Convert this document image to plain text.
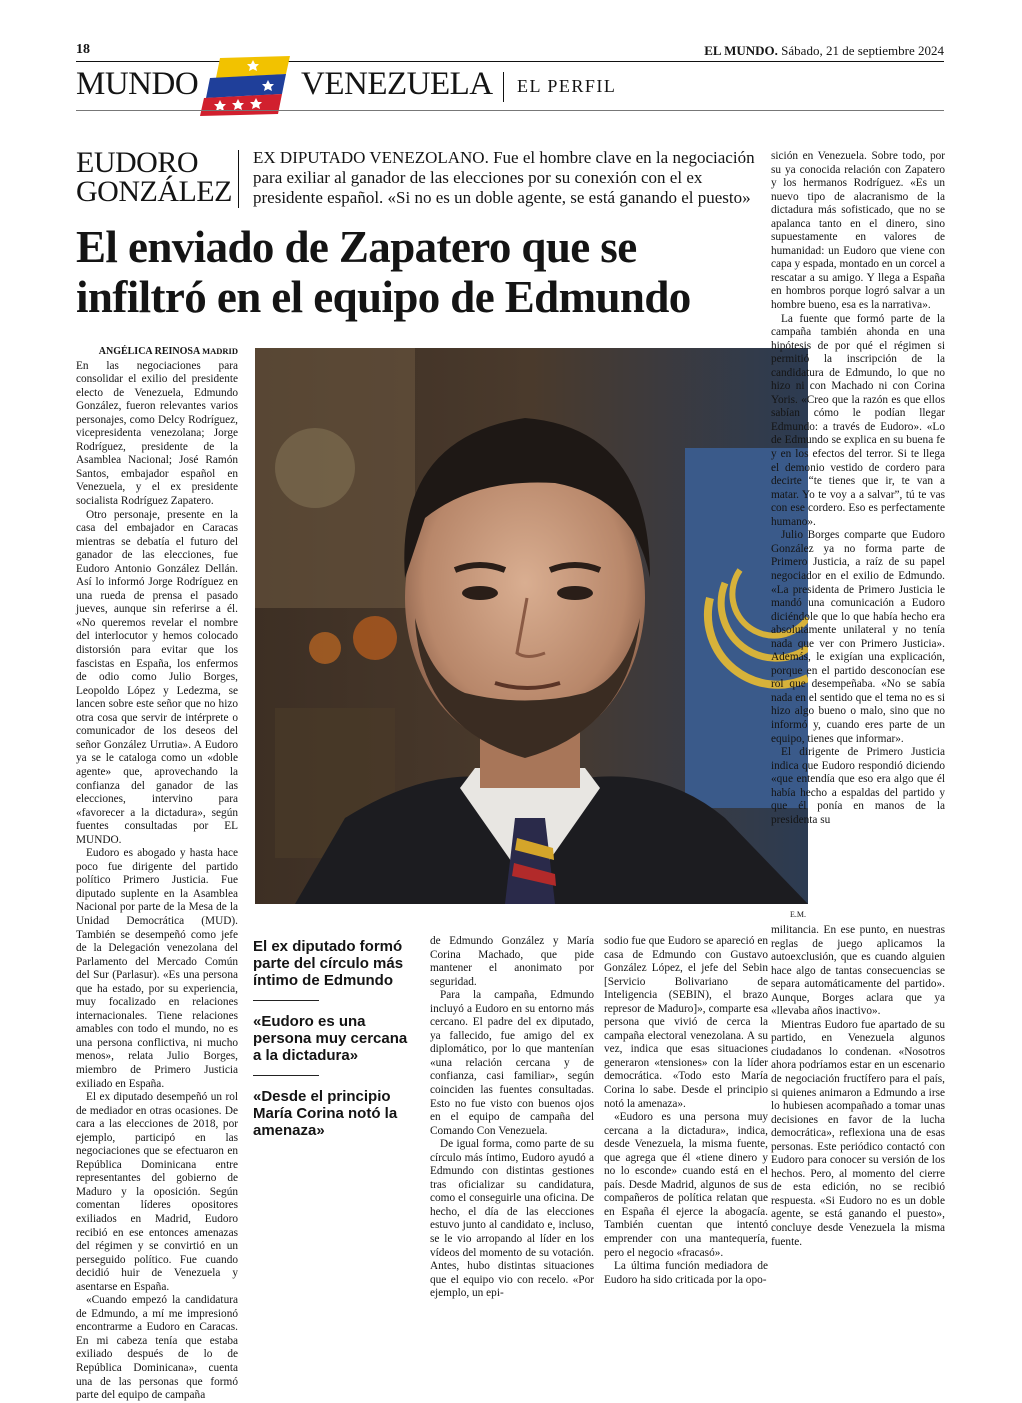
18	EL MUNDO. Sábado, 21 de septiembre 2024
MUNDO	VENEZUELA EL PERFIL
EUDORO GONZÁLEZ
EX DIPUTADO VENEZOLANO. Fue el hombre clave en la negociación para exiliar al ganador de las elecciones por su conexión con el ex presidente español. «Si no es un doble agente, se está ganando el puesto»
El enviado de Zapatero que se infiltró en el equipo de Edmundo
ANGÉLICA REINOSA MADRID

En las negociaciones para consolidar el exilio del presidente electo de Venezuela, Edmundo González, fueron relevantes varios personajes, como Delcy Rodríguez, vicepresidenta venezolana; Jorge Rodríguez, presidente de la Asamblea Nacional; José Ramón Santos, embajador español en Venezuela, y el ex presidente socialista Rodríguez Zapatero.

Otro personaje, presente en la casa del embajador en Caracas mientras se debatía el futuro del ganador de las elecciones, fue Eudoro Antonio González Dellán. Así lo informó Jorge Rodríguez en una rueda de prensa el pasado jueves, aunque sin referirse a él. «No queremos revelar el nombre del interlocutor y hemos colocado distorsión para evitar que los fascistas en España, los enfermos de odio como Julio Borges, Leopoldo López y Ledezma, se lancen sobre este señor que no hizo otra cosa que servir de intérprete o comunicador de los deseos del señor González Urrutia». A Eudoro ya se le cataloga como un «doble agente» que, aprovechando la confianza del ganador de las elecciones, intervino para «favorecer a la dictadura», según fuentes consultadas por EL MUNDO.

Eudoro es abogado y hasta hace poco fue dirigente del partido político Primero Justicia. Fue diputado suplente en la Asamblea Nacional por parte de la Mesa de la Unidad Democrática (MUD). También se desempeñó como jefe de la Delegación venezolana del Parlamento del Mercado Común del Sur (Parlasur). «Es una persona que ha estado, por su experiencia, muy focalizado en relaciones internacionales. Tiene relaciones amables con todo el mundo, no es una persona conflictiva, ni mucho menos», relata Julio Borges, miembro de Primero Justicia exiliado en España.

El ex diputado desempeñó un rol de mediador en otras ocasiones. De cara a las elecciones de 2018, por ejemplo, participó en las negociaciones que se efectuaron en República Dominicana entre representantes del gobierno de Maduro y la oposición. Según comentan líderes opositores exiliados en Madrid, Eudoro recibió en ese entonces amenazas del régimen y se convirtió en un perseguido político. Fue cuando decidió huir de Venezuela y asentarse en España.

«Cuando empezó la candidatura de Edmundo, a mí me impresionó encontrarme a Eudoro en Caracas. En mi cabeza tenía que estaba exiliado después de lo de República Dominicana», cuenta una de las personas que formó parte del equipo de campaña

E.M.

El ex diputado formó parte del círculo más íntimo de Edmundo

«Eudoro es una persona muy cercana a la dictadura»

«Desde el principio María Corina notó la amenaza»

de Edmundo González y María Corina Machado, que pide mantener el anonimato por seguridad.

Para la campaña, Edmundo incluyó a Eudoro en su entorno más cercano. El padre del ex diputado, ya fallecido, fue amigo del ex diplomático, por lo que mantenían «una relación cercana y de confianza, casi familiar», según coinciden las fuentes consultadas. Esto no fue visto con buenos ojos en el equipo de campaña del Comando Con Venezuela.

De igual forma, como parte de su círculo más íntimo, Eudoro ayudó a Edmundo con distintas gestiones tras oficializar su candidatura, como el conseguirle una oficina. De hecho, el día de las elecciones estuvo junto al candidato e, incluso, se le vio arropando al líder en los vídeos del momento de su votación. Antes, hubo distintas situaciones que el equipo vio con recelo. «Por ejemplo, un epi-

sodio fue que Eudoro se apareció en casa de Edmundo con Gustavo González López, el jefe del Sebin [Servicio Bolivariano de Inteligencia (SEBIN), el brazo represor de Maduro]», comparte esa persona que vivió de cerca la campaña electoral venezolana. A su vez, indica que esas situaciones generaron «tensiones» con la líder democrática. «Todo esto María Corina lo sabe. Desde el principio notó la amenaza».

«Eudoro es una persona muy cercana a la dictadura», indica, desde Venezuela, la misma fuente, que agrega que él «tiene dinero y no lo esconde» cuando está en el país. Desde Madrid, algunos de sus compañeros de política relatan que en España él ejerce la abogacía. También cuentan que intentó emprender con una mantequería, pero el negocio «fracasó».

La última función mediadora de Eudoro ha sido criticada por la opo-

sición en Venezuela. Sobre todo, por su ya conocida relación con Zapatero y los hermanos Rodríguez. «Es un nuevo tipo de alacranismo de la dictadura más sofisticado, que no se apalanca tanto en el dinero, sino supuestamente en valores de humanidad: un Eudoro que viene con capa y espada, montado en un corcel a rescatar a su amigo. Y llega a España en hombros porque logró salvar a un hombre bueno, esa es la narrativa».

La fuente que formó parte de la campaña también ahonda en una hipótesis de por qué el régimen si permitió la inscripción de la candidatura de Edmundo, lo que no hizo ni con Machado ni con Corina Yoris. «Creo que la razón es que ellos sabían cómo le podían llegar Edmundo: a través de Eudoro». «Lo de Edmundo se explica en su buena fe y en los efectos del terror. Si te llega el demonio vestido de cordero para decirte “te tienes que ir, te van a matar. Yo te voy a a salvar”, tú te vas con ese cordero. Eso es perfectamente humano».

Julio Borges comparte que Eudoro González ya no forma parte de Primero Justicia, a raíz de su papel negociador en el exilio de Edmundo. «La presidenta de Primero Justicia le mandó una comunicación a Eudoro diciéndole que lo que había hecho era absolutamente unilateral y no tenía nada que ver con Primero Justicia». Además, le exigían una explicación, porque en el partido desconocían ese rol que desempeñaba. «No se sabía nada en el sentido que el tema no es si hizo algo bueno o malo, sino que no informó y, cuando eres parte de un equipo, tienes que informar».

El dirigente de Primero Justicia indica que Eudoro respondió diciendo «que entendía que eso era algo que él había hecho a espaldas del partido y que él ponía en manos de la presidenta su

militancia. En ese punto, en nuestras reglas de juego aplicamos la autoexclusión, que es cuando alguien hace algo de tantas consecuencias se separa automáticamente del partido». Aunque, Borges aclara que ya «llevaba años inactivo».

Mientras Eudoro fue apartado de su partido, en Venezuela algunos ciudadanos lo condenan. «Nosotros ahora podríamos estar en un escenario de negociación fructífero para el país, si quienes animaron a Edmundo a irse lo hubiesen acompañado a tomar unas decisiones en favor de la lucha democrática», reflexiona una de esas personas. Este periódico contactó con Eudoro para conocer su versión de los hechos. Pero, al momento del cierre de esta edición, no se recibió respuesta. «Si Eudoro no es un doble agente, se está ganando el puesto», concluye desde Venezuela la misma fuente.
